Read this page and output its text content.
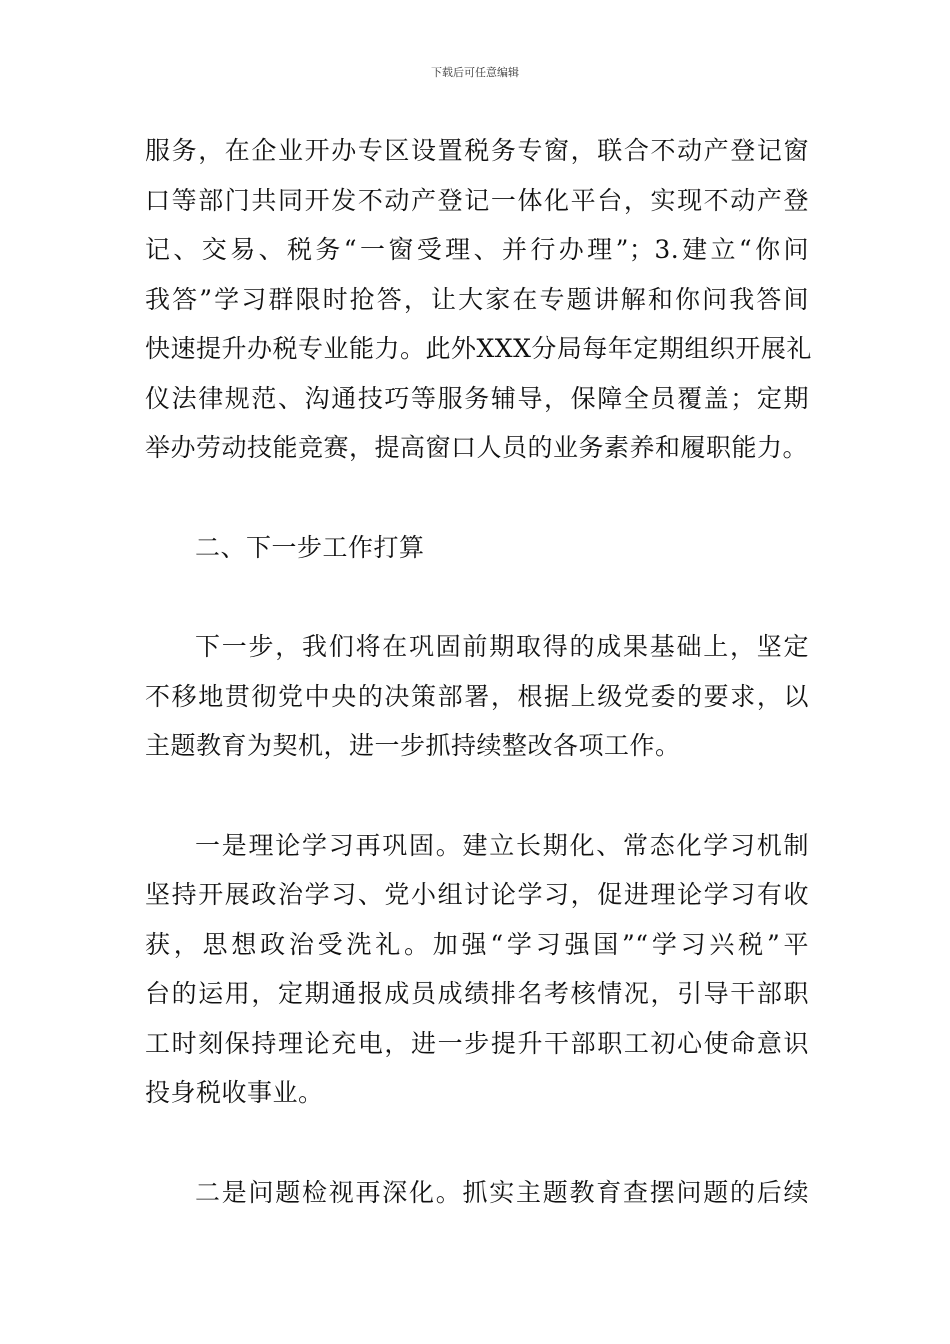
下载后可任意编辑
服务，在企业开办专区设置税务专窗，联合不动产登记窗
口等部门共同开发不动产登记一体化平台，实现不动产登
记、交易、税务“一窗受理、并行办理”；3.建立“你问
我答”学习群限时抢答，让大家在专题讲解和你问我答间
快速提升办税专业能力。此外XXX分局每年定期组织开展礼
仪法律规范、沟通技巧等服务辅导，保障全员覆盖；定期
举办劳动技能竞赛，提高窗口人员的业务素养和履职能力。
二、下一步工作打算
下一步，我们将在巩固前期取得的成果基础上，坚定
不移地贯彻党中央的决策部署，根据上级党委的要求，以
主题教育为契机，进一步抓持续整改各项工作。
一是理论学习再巩固。建立长期化、常态化学习机制
坚持开展政治学习、党小组讨论学习，促进理论学习有收
获，思想政治受洗礼。加强“学习强国”“学习兴税”平
台的运用，定期通报成员成绩排名考核情况，引导干部职
工时刻保持理论充电，进一步提升干部职工初心使命意识
投身税收事业。
二是问题检视再深化。抓实主题教育查摆问题的后续
